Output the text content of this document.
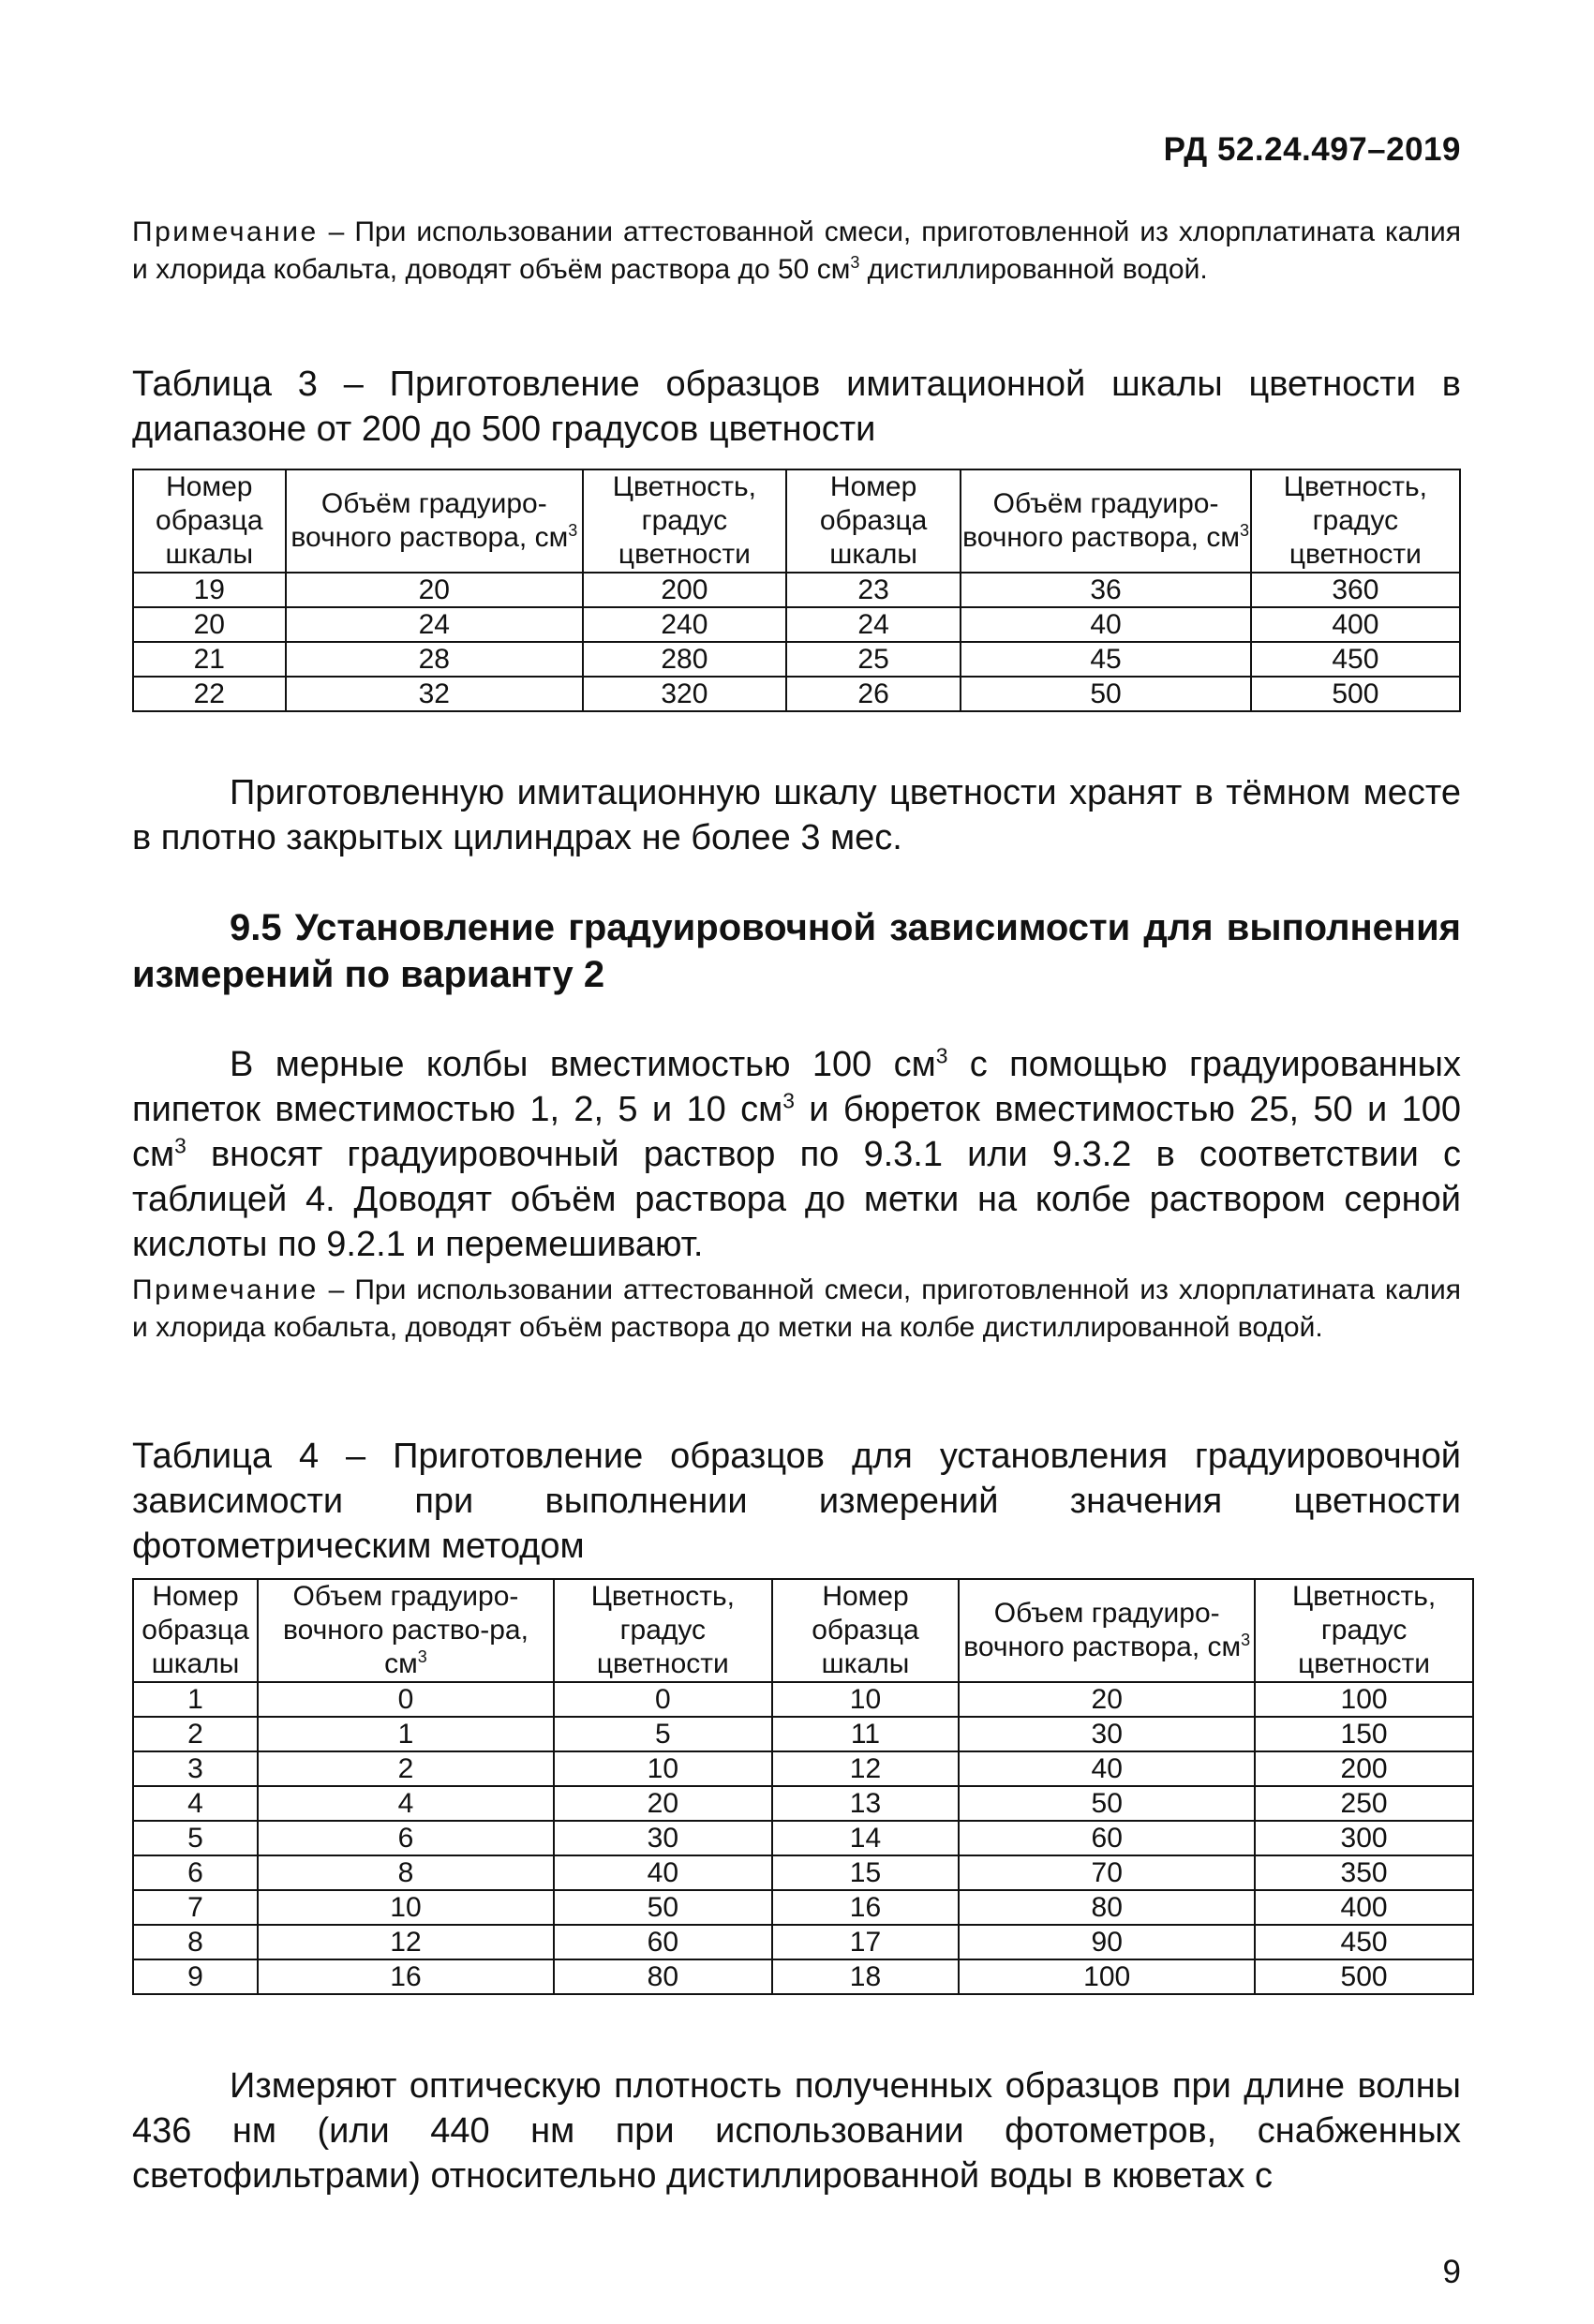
РД 52.24.497–2019

Примечание – При использовании аттестованной смеси, приготовленной из хлорплатината калия и хлорида кобальта, доводят объём раствора до 50 $см^3$ дистиллированной водой.

Таблица 3 – Приготовление образцов имитационной шкалы цветности в диапазоне от 200 до 500 градусов цветности

Номер образца шкалы	Объём градуиро-вочного раствора, $см^3$	Цветность, градус цветности	Номер образца шкалы	Объём градуиро-вочного раствора, $см^3$	Цветность, градус цветности
19	20	200	23	36	360
20	24	240	24	40	400
21	28	280	25	45	450
22	32	320	26	50	500

Приготовленную имитационную шкалу цветности хранят в тёмном месте в плотно закрытых цилиндрах не более 3 мес.

9.5 Установление градуировочной зависимости для выполнения измерений по варианту 2

В мерные колбы вместимостью 100 $см^3$ с помощью градуированных пипеток вместимостью 1, 2, 5 и 10 $см^3$ и бюреток вместимостью 25, 50 и 100 $см^3$ вносят градуировочный раствор по 9.3.1 или 9.3.2 в соответствии с таблицей 4. Доводят объём раствора до метки на колбе раствором серной кислоты по 9.2.1 и перемешивают.

Примечание – При использовании аттестованной смеси, приготовленной из хлорплатината калия и хлорида кобальта, доводят объём раствора до метки на колбе дистиллированной водой.

Таблица 4 – Приготовление образцов для установления градуировочной зависимости при выполнении измерений значения цветности фотометрическим методом

Номер образца шкалы	Объем градуиро-вочного раство-ра, $см^3$	Цветность, градус цветности	Номер образца шкалы	Объем градуиро-вочного раствора, $см^3$	Цветность, градус цветности
1	0	0	10	20	100
2	1	5	11	30	150
3	2	10	12	40	200
4	4	20	13	50	250
5	6	30	14	60	300
6	8	40	15	70	350
7	10	50	16	80	400
8	12	60	17	90	450
9	16	80	18	100	500

Измеряют оптическую плотность полученных образцов при длине волны 436 нм (или 440 нм при использовании фотометров, снабженных светофильтрами) относительно дистиллированной воды в кюветах с

9
